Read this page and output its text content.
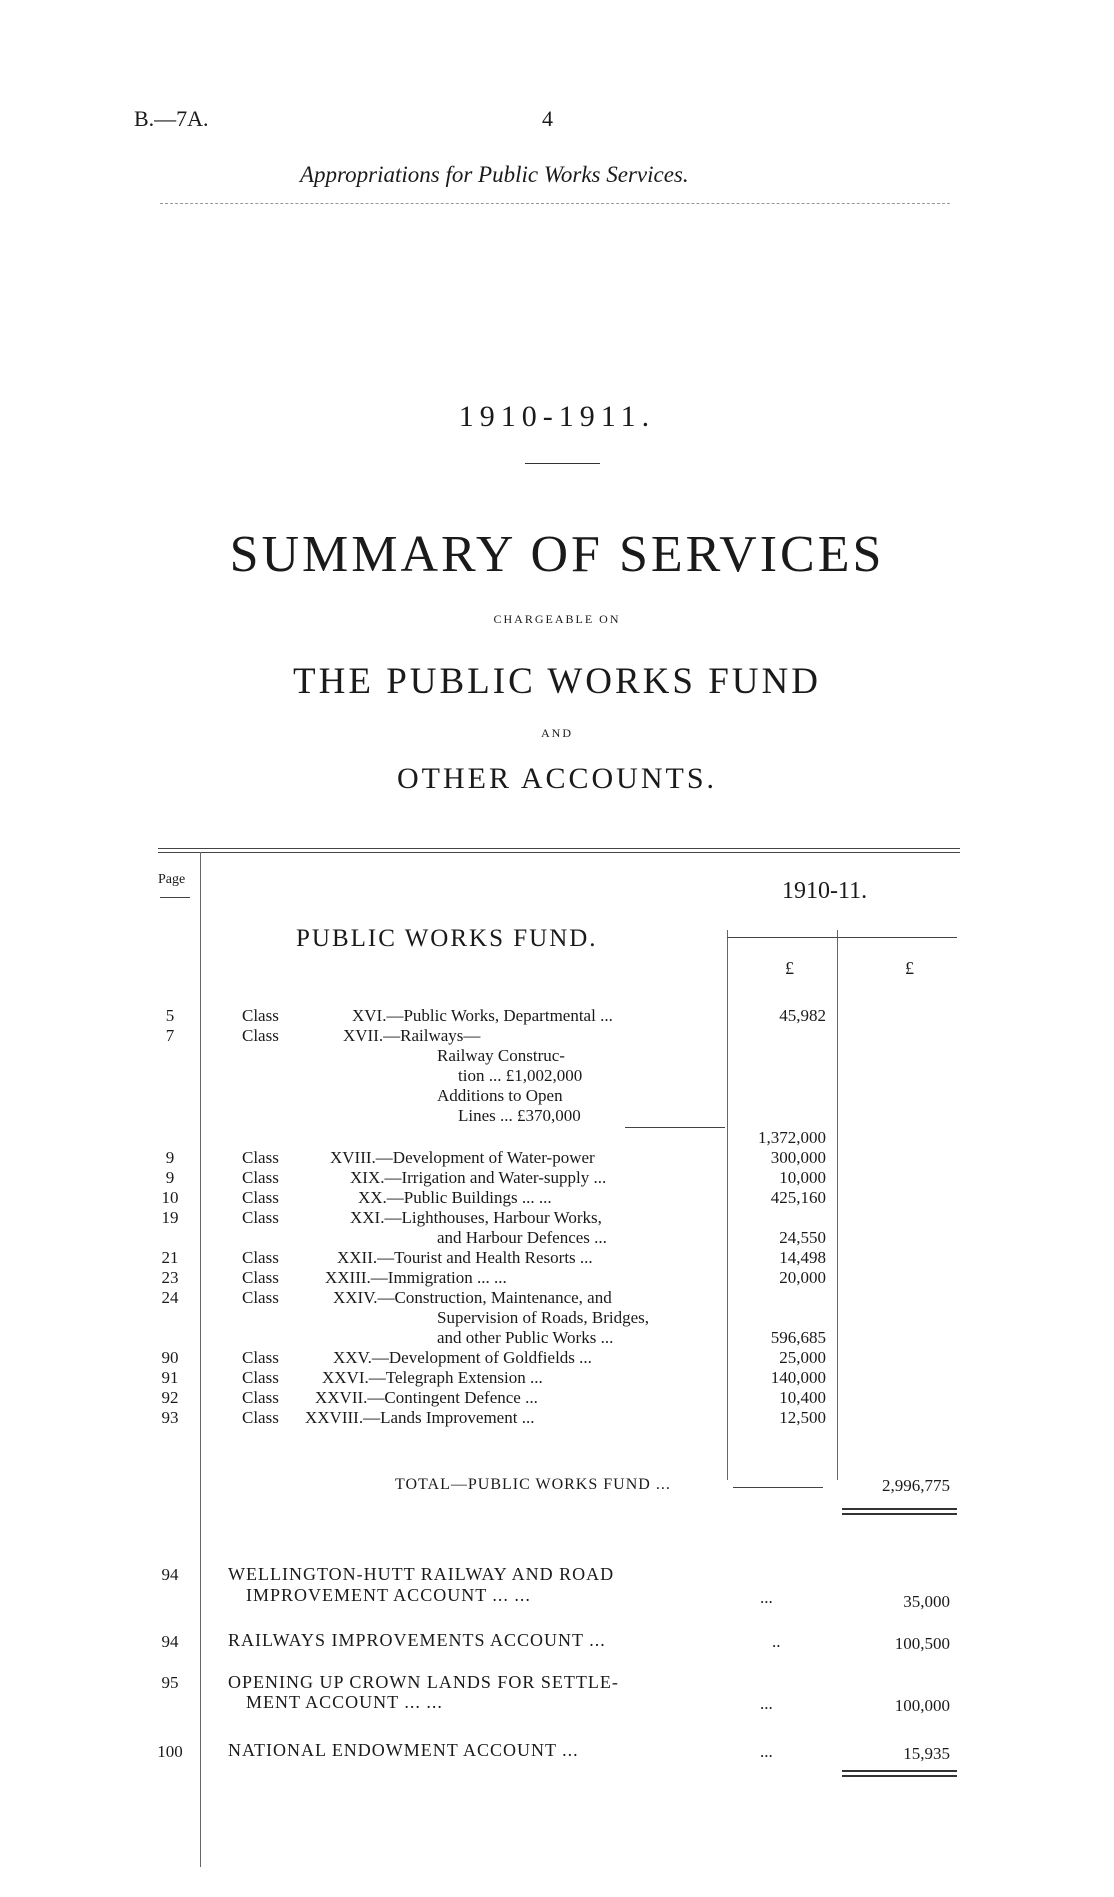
B.—7A.	4
Appropriations for Public Works Services.
1910-1911.
SUMMARY OF SERVICES
CHARGEABLE ON
THE PUBLIC WORKS FUND
AND
OTHER ACCOUNTS.
Page	1910-11.
PUBLIC WORKS FUND.
£	£
5	Class	XVI.—Public Works, Departmental ...	45,982
7	Class	XVII.—Railways—
Railway Construc-
tion ... £1,002,000
Additions to Open
Lines ... £370,000
1,372,000
9	Class	XVIII.—Development of Water-power	300,000
9	Class	XIX.—Irrigation and Water-supply ...	10,000
10	Class	XX.—Public Buildings ... ...	425,160
19	Class	XXI.—Lighthouses, Harbour Works,
and Harbour Defences ...	24,550
21	Class	XXII.—Tourist and Health Resorts ...	14,498
23	Class	XXIII.—Immigration ... ...	20,000
24	Class	XXIV.—Construction, Maintenance, and
Supervision of Roads, Bridges,
and other Public Works ...	596,685
90	Class	XXV.—Development of Goldfields ...	25,000
91	Class	XXVI.—Telegraph Extension ...	140,000
92	Class XXVII.—Contingent Defence ...	10,400
93	Class XXVIII.—Lands Improvement ...	12,500
TOTAL—PUBLIC WORKS FUND ...	2,996,775
94	WELLINGTON-HUTT RAILWAY AND ROAD
IMPROVEMENT ACCOUNT ... ...	...	35,000
94	RAILWAYS IMPROVEMENTS ACCOUNT ...	..	100,500
95	OPENING UP CROWN LANDS FOR SETTLE-
MENT ACCOUNT ... ...	...	100,000
100	NATIONAL ENDOWMENT ACCOUNT ...	...	15,935
